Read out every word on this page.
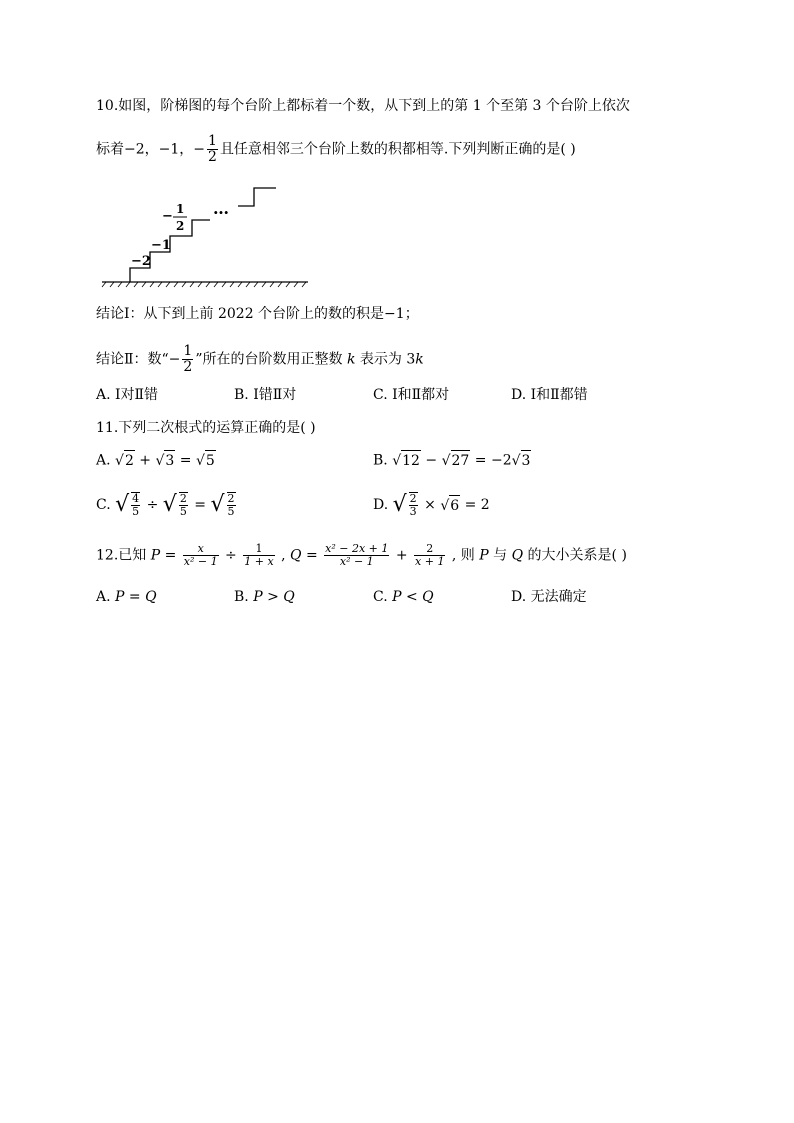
10.如图，阶梯图的每个台阶上都标着一个数，从下到上的第 1 个至第 3 个台阶上依次
标着−2，−1，− $\frac{1}{2}$ 且任意相邻三个台阶上数的积都相等.下列判断正确的是( )
−2
−1
− 1
2
…
结论Ⅰ：从下到上前 2022 个台阶上的数的积是−1；
结论Ⅱ：数“− $\frac{1}{2}$ ”所在的台阶数用正整数 k 表示为 3k
A. Ⅰ对Ⅱ错	B. Ⅰ错Ⅱ对	C. Ⅰ和Ⅱ都对	D. Ⅰ和Ⅱ都错
11.下列二次根式的运算正确的是( )
A. √2 + √3 = √5	B. √12 − √27 = −2√3
C. √ $\frac{4}{5}$ ÷ √ $\frac{2}{5}$ = √ $\frac{2}{5}$	D. √ $\frac{2}{3} \times √6 = 2$
12.已知 $P = \frac{x}{\text{x² − 1}} \div \frac{1}{1 + x}$ , $Q = \frac{\text{x² − 2x + 1}}{\text{x² − 1}} + \frac{2}{x + 1}$ , 则 P 与 Q 的大小关系是( )
A. P = Q	B. P > Q	C. P < Q	D. 无法确定
